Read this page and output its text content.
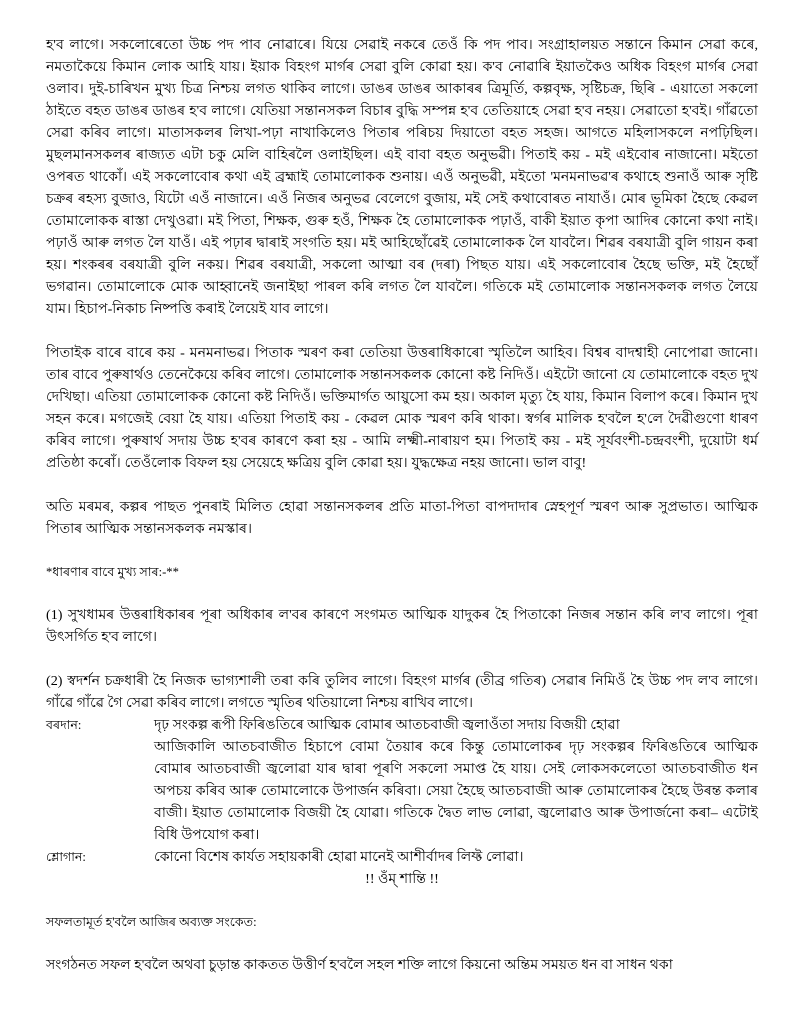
হ'ব লাগে। সকলোৰেতো উচ্চ পদ পাব নোৱাৰে। যিয়ে সেৱাই নকৰে তেওঁ কি পদ পাব। সংগ্ৰাহালয়ত সন্তানে কিমান সেৱা কৰে, নমতাকৈয়ে কিমান লোক আহি যায়। ইয়াক বিহংগ মাৰ্গৰ সেৱা বুলি কোৱা হয়। ক'ব নোৱাৰি ইয়াতকৈও অধিক বিহংগ মাৰ্গৰ সেৱা ওলাব। দুই-চাৰিখন মুখ্য চিত্ৰ নিশ্চয় লগত থাকিব লাগে। ডাঙৰ ডাঙৰ আকাৰৰ ত্ৰিমূৰ্তি, কল্পবৃক্ষ, সৃষ্টিচক্ৰ, ছিৰি - এয়াতো সকলো ঠাইতে বহত ডাঙৰ ডাঙৰ হ'ব লাগে। যেতিয়া সন্তানসকল বিচাৰ বুদ্ধি সম্পন্ন হ'ব তেতিয়াহে সেৱা হ'ব নহয়। সেৱাতো হ'বই। গাঁৱতো সেৱা কৰিব লাগে। মাতাসকলৰ লিখা-পঢ়া নাখাকিলেও পিতাৰ পৰিচয় দিয়াতো বহত সহজ। আগতে মহিলাসকলে নপঢ়িছিল। মুছলমানসকলৰ ৰাজ্যত এটা চকু মেলি বাহিৰলৈ ওলাইছিল। এই বাবা বহত অনুভৱী। পিতাই কয় - মই এইবোৰ নাজানো। মইতো ওপৰত থাকোঁ। এই সকলোবোৰ কথা এই ব্ৰহ্মাই তোমালোকক শুনায়। এওঁ অনুভৱী, মইতো 'মনমনাভৱ'ৰ কথাহে শুনাওঁ আৰু সৃষ্টি চক্ৰৰ ৰহস্য বুজাও, যিটো এওঁ নাজানে। এওঁ নিজৰ অনুভৱ বেলেগে বুজায়, মই সেই কথাবোৰত নাযাওঁ। মোৰ ভূমিকা হৈছে কেৱল তোমালোকক ৰাস্তা দেখুওৱা। মই পিতা, শিক্ষক, গুৰু হওঁ, শিক্ষক হৈ তোমালোকক পঢ়াওঁ, বাকী ইয়াত কৃপা আদিৰ কোনো কথা নাই। পঢ়াওঁ আৰু লগত লৈ যাওঁ। এই পঢ়াৰ দ্বাৰাই সংগতি হয়। মই আহিছোঁৱেই তোমালোকক লৈ যাবলৈ। শিৱৰ বৰযাত্ৰী বুলি গায়ন কৰা হয়। শংকৰৰ বৰযাত্ৰী বুলি নকয়। শিৱৰ বৰযাত্ৰী, সকলো আত্মা বৰ (দৰা) পিছত যায়। এই সকলোবোৰ হৈছে ভক্তি, মই হৈছোঁ ভগৱান। তোমালোকে মোক আহ্বানেই জনাইছা পাৰল কৰি লগত লৈ যাবলৈ। গতিকে মই তোমালোক সন্তানসকলক লগত লৈয়ে যাম। হিচাপ-নিকাচ নিষ্পত্তি কৰাই লৈয়েই যাব লাগে।

পিতাইক বাৰে বাৰে কয় - মনমনাভৱ। পিতাক স্মৰণ কৰা তেতিয়া উত্তৰাধিকাৰো স্মৃতিলৈ আহিব। বিশ্বৰ বাদশ্বাহী নোপোৱা জানো। তাৰ বাবে পুৰুষাৰ্থও তেনেকৈয়ে কৰিব লাগে। তোমালোক সন্তানসকলক কোনো কষ্ট নিদিওঁ। এইটো জানো যে তোমালোকে বহত দুখ দেখিছা। এতিয়া তোমালোকক কোনো কষ্ট নিদিওঁ। ভক্তিমাৰ্গত আয়ুসো কম হয়। অকাল মৃত্যু হৈ যায়, কিমান বিলাপ কৰে। কিমান দুখ সহন কৰে। মগজেই বেয়া হৈ যায়। এতিয়া পিতাই কয় - কেৱল মোক স্মৰণ কৰি থাকা। স্বৰ্গৰ মালিক হ'বলৈ হ'লে দৈৱীগুণো ধাৰণ কৰিব লাগে। পুৰুষাৰ্থ সদায় উচ্চ হ'বৰ কাৰণে কৰা হয় - আমি লক্ষ্মী-নাৰায়ণ হম। পিতাই কয় - মই সূৰ্যবংশী-চন্দ্ৰবংশী, দুয়োটা ধৰ্ম প্ৰতিষ্ঠা কৰোঁ। তেওঁলোক বিফল হয় সেয়েহে ক্ষত্ৰিয় বুলি কোৱা হয়। যুদ্ধক্ষেত্ৰ নহয় জানো। ভাল বাবু!

অতি মৰমৰ, কল্পৰ পাছত পুনৰাই মিলিত হোৱা সন্তানসকলৰ প্ৰতি মাতা-পিতা বাপদাদাৰ স্নেহপূৰ্ণ স্মৰণ আৰু সুপ্ৰভাত। আত্মিক পিতাৰ আত্মিক সন্তানসকলক নমস্কাৰ।

*ধাৰণাৰ বাবে মুখ্য সাৰ:-**

(1) সুখধামৰ উত্তৰাধিকাৰৰ পূৰা অধিকাৰ ল'বৰ কাৰণে সংগমত আত্মিক যাদুকৰ হৈ পিতাকো নিজৰ সন্তান কৰি ল'ব লাগে। পূৰা উৎসৰ্গিত হ'ব লাগে।

(2) স্বদৰ্শন চক্ৰধাৰী হৈ নিজক ভাগ্যশালী তৰা কৰি তুলিব লাগে। বিহংগ মাৰ্গৰ (তীব্ৰ গতিৰ) সেৱাৰ নিমিওঁ হৈ উচ্চ পদ ল'ব লাগে। গাঁৱে গাঁৱে গৈ সেৱা কৰিব লাগে। লগতে স্মৃতিৰ থতিয়ালো নিশ্চয় ৰাখিব লাগে।

বৰদান:	দৃঢ় সংকল্প ৰূপী ফিৰিঙতিৰে আত্মিক বোমাৰ আতচবাজী জ্বলাওঁতা সদায় বিজয়ী হোৱা
আজিকালি আতচবাজীত হিচাপে বোমা তৈয়াৰ কৰে কিন্তু তোমালোকৰ দৃঢ় সংকল্পৰ ফিৰিঙতিৰে আত্মিক বোমাৰ আতচবাজী জ্বলোৱা যাৰ দ্বাৰা পূৰণি সকলো সমাপ্ত হৈ যায়। সেই লোকসকলেতো আতচবাজীত ধন অপচয় কৰিব আৰু তোমালোকে উপাৰ্জন কৰিবা। সেয়া হৈছে আতচবাজী আৰু তোমালোকৰ হৈছে উৰন্ত কলাৰ বাজী। ইয়াত তোমালোক বিজয়ী হৈ যোৱা। গতিকে দ্বৈত লাভ লোৱা, জ্বলোৱাও আৰু উপাৰ্জনো কৰা– এটোই বিধি উপযোগ কৰা।
শ্লোগান:	কোনো বিশেষ কাৰ্যত সহায়কাৰী হোৱা মানেই আশীৰ্বাদৰ লিফ্ট লোৱা।

!! ওঁম্ শান্তি !!

সফলতামূৰ্ত হ'বলৈ আজিৰ অব্যক্ত সংকেত:

সংগঠনত সফল হ'বলৈ অথবা চুড়ান্ত কাকতত উত্তীৰ্ণ হ'বলৈ সহল শক্তি লাগে কিয়নো অন্তিম সময়ত ধন বা সাধন থকা
